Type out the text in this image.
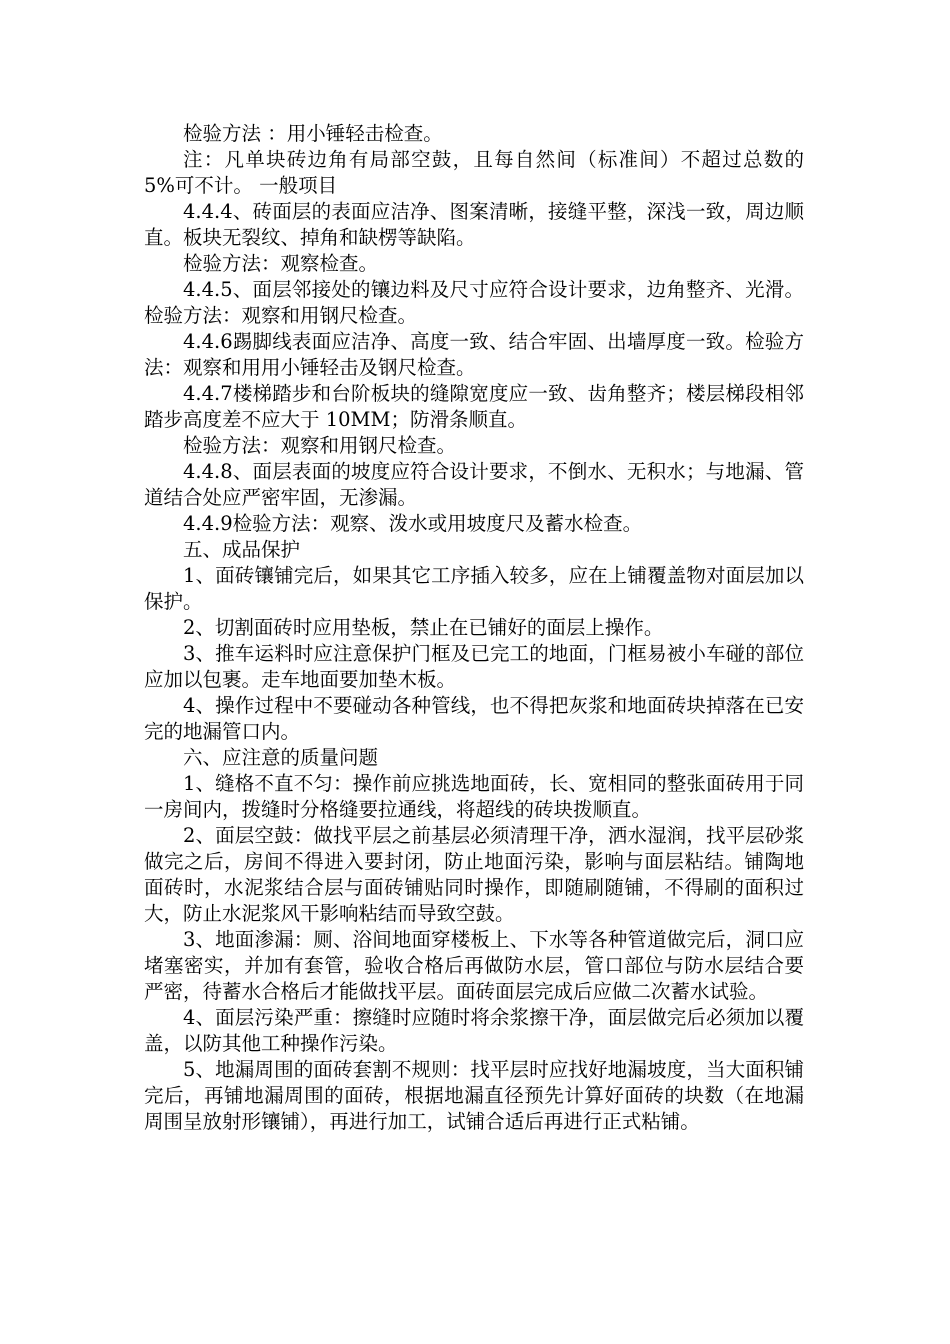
检验方法 ：用小锤轻击检查。

注：凡单块砖边角有局部空鼓，且每自然间（标准间）不超过总数的 5%可不计。 一般项目

4.4.4、砖面层的表面应洁净、图案清晰，接缝平整，深浅一致，周边顺直。板块无裂纹、掉角和缺楞等缺陷。

检验方法：观察检查。

4.4.5、面层邻接处的镶边料及尺寸应符合设计要求，边角整齐、光滑。 检验方法：观察和用钢尺检查。

4.4.6踢脚线表面应洁净、高度一致、结合牢固、出墙厚度一致。检验方法：观察和用用小锤轻击及钢尺检查。

4.4.7楼梯踏步和台阶板块的缝隙宽度应一致、齿角整齐；楼层梯段相邻踏步高度差不应大于 10MM；防滑条顺直。

检验方法：观察和用钢尺检查。

4.4.8、面层表面的坡度应符合设计要求，不倒水、无积水；与地漏、管道结合处应严密牢固，无渗漏。

4.4.9检验方法：观察、泼水或用坡度尺及蓄水检查。

五、成品保护

1、面砖镶铺完后，如果其它工序插入较多，应在上铺覆盖物对面层加以保护。

2、切割面砖时应用垫板，禁止在已铺好的面层上操作。

3、推车运料时应注意保护门框及已完工的地面，门框易被小车碰的部位应加以包裹。走车地面要加垫木板。

4、操作过程中不要碰动各种管线，也不得把灰浆和地面砖块掉落在已安完的地漏管口内。

六、应注意的质量问题

1、缝格不直不匀：操作前应挑选地面砖，长、宽相同的整张面砖用于同一房间内，拨缝时分格缝要拉通线，将超线的砖块拨顺直。

2、面层空鼓：做找平层之前基层必须清理干净，洒水湿润，找平层砂浆做完之后，房间不得进入要封闭，防止地面污染，影响与面层粘结。铺陶地面砖时，水泥浆结合层与面砖铺贴同时操作，即随刷随铺，不得刷的面积过大，防止水泥浆风干影响粘结而导致空鼓。

3、地面渗漏：厕、浴间地面穿楼板上、下水等各种管道做完后，洞口应堵塞密实，并加有套管，验收合格后再做防水层，管口部位与防水层结合要严密，待蓄水合格后才能做找平层。面砖面层完成后应做二次蓄水试验。

4、面层污染严重：擦缝时应随时将余浆擦干净，面层做完后必须加以覆盖，以防其他工种操作污染。

5、地漏周围的面砖套割不规则：找平层时应找好地漏坡度，当大面积铺完后，再铺地漏周围的面砖，根据地漏直径预先计算好面砖的块数（在地漏周围呈放射形镶铺），再进行加工，试铺合适后再进行正式粘铺。
